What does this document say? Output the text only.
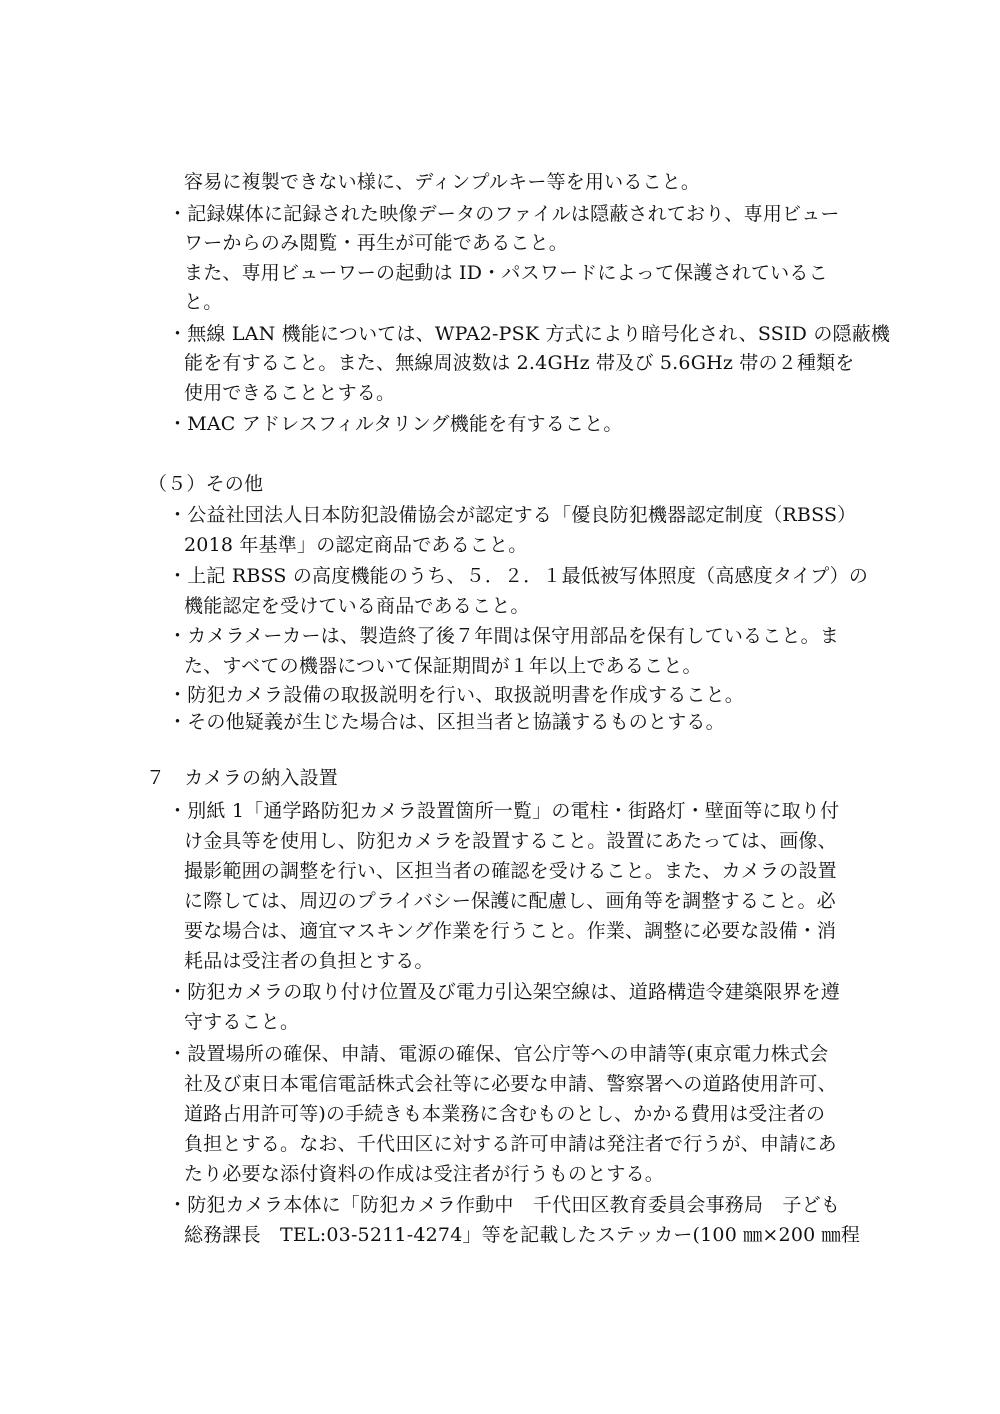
容易に複製できない様に、ディンプルキー等を用いること。
・記録媒体に記録された映像データのファイルは隠蔽されており、専用ビュー
ワーからのみ閲覧・再生が可能であること。
また、専用ビューワーの起動は ID・パスワードによって保護されているこ
と。
・無線 LAN 機能については、WPA2-PSK 方式により暗号化され、SSID の隠蔽機
能を有すること。また、無線周波数は 2.4GHz 帯及び 5.6GHz 帯の２種類を
使用できることとする。
・MAC アドレスフィルタリング機能を有すること。
（５）その他
・公益社団法人日本防犯設備協会が認定する「優良防犯機器認定制度（RBSS）
2018 年基準」の認定商品であること。
・上記 RBSS の高度機能のうち、５．２．１最低被写体照度（高感度タイプ）の
機能認定を受けている商品であること。
・カメラメーカーは、製造終了後７年間は保守用部品を保有していること。ま
た、すべての機器について保証期間が１年以上であること。
・防犯カメラ設備の取扱説明を行い、取扱説明書を作成すること。
・その他疑義が生じた場合は、区担当者と協議するものとする。
７　カメラの納入設置
・別紙 1「通学路防犯カメラ設置箇所一覧」の電柱・街路灯・壁面等に取り付
け金具等を使用し、防犯カメラを設置すること。設置にあたっては、画像、
撮影範囲の調整を行い、区担当者の確認を受けること。また、カメラの設置
に際しては、周辺のプライバシー保護に配慮し、画角等を調整すること。必
要な場合は、適宜マスキング作業を行うこと。作業、調整に必要な設備・消
耗品は受注者の負担とする。
・防犯カメラの取り付け位置及び電力引込架空線は、道路構造令建築限界を遵
守すること。
・設置場所の確保、申請、電源の確保、官公庁等への申請等(東京電力株式会
社及び東日本電信電話株式会社等に必要な申請、警察署への道路使用許可、
道路占用許可等)の手続きも本業務に含むものとし、かかる費用は受注者の
負担とする。なお、千代田区に対する許可申請は発注者で行うが、申請にあ
たり必要な添付資料の作成は受注者が行うものとする。
・防犯カメラ本体に「防犯カメラ作動中　千代田区教育委員会事務局　子ども
総務課長　TEL:03-5211-4274」等を記載したステッカー(100 ㎜×200 ㎜程
